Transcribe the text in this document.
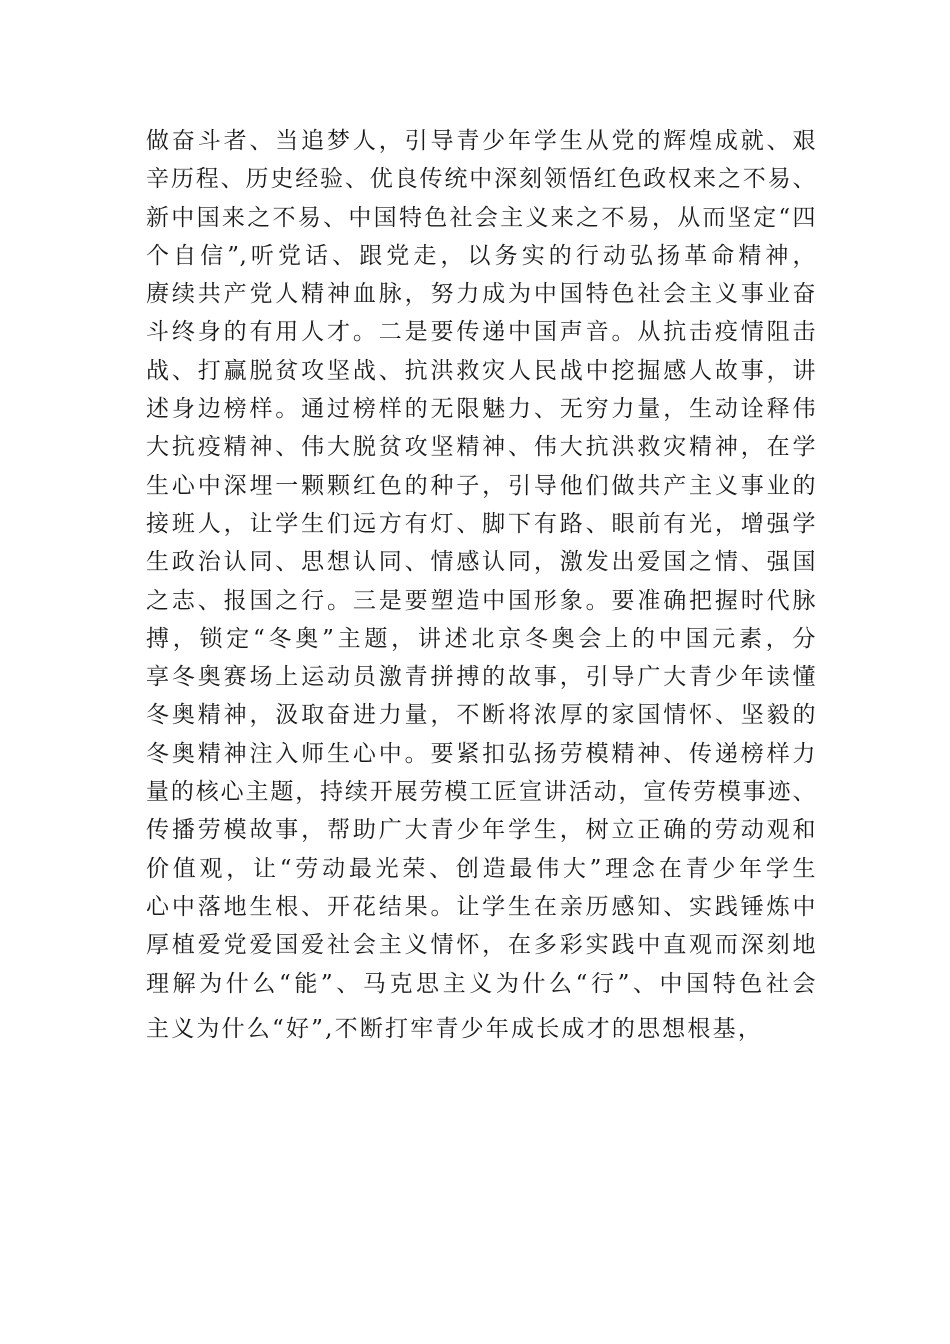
做奋斗者、当追梦人，引导青少年学生从党的辉煌成就、艰
辛历程、历史经验、优良传统中深刻领悟红色政权来之不易、
新中国来之不易、中国特色社会主义来之不易，从而坚定“四
个自信”,听党话、跟党走，以务实的行动弘扬革命精神，
赓续共产党人精神血脉，努力成为中国特色社会主义事业奋
斗终身的有用人才。二是要传递中国声音。从抗击疫情阻击
战、打赢脱贫攻坚战、抗洪救灾人民战中挖掘感人故事，讲
述身边榜样。通过榜样的无限魅力、无穷力量，生动诠释伟
大抗疫精神、伟大脱贫攻坚精神、伟大抗洪救灾精神，在学
生心中深埋一颗颗红色的种子，引导他们做共产主义事业的
接班人，让学生们远方有灯、脚下有路、眼前有光，增强学
生政治认同、思想认同、情感认同，激发出爱国之情、强国
之志、报国之行。三是要塑造中国形象。要准确把握时代脉
搏，锁定“冬奥”主题，讲述北京冬奥会上的中国元素，分
享冬奥赛场上运动员激青拼搏的故事，引导广大青少年读懂
冬奥精神，汲取奋进力量，不断将浓厚的家国情怀、坚毅的
冬奥精神注入师生心中。要紧扣弘扬劳模精神、传递榜样力
量的核心主题，持续开展劳模工匠宣讲活动，宣传劳模事迹、
传播劳模故事，帮助广大青少年学生，树立正确的劳动观和
价值观，让“劳动最光荣、创造最伟大”理念在青少年学生
心中落地生根、开花结果。让学生在亲历感知、实践锤炼中
厚植爱党爱国爱社会主义情怀，在多彩实践中直观而深刻地
理解为什么“能”、马克思主义为什么“行”、中国特色社会
主义为什么“好”,不断打牢青少年成长成才的思想根基，
